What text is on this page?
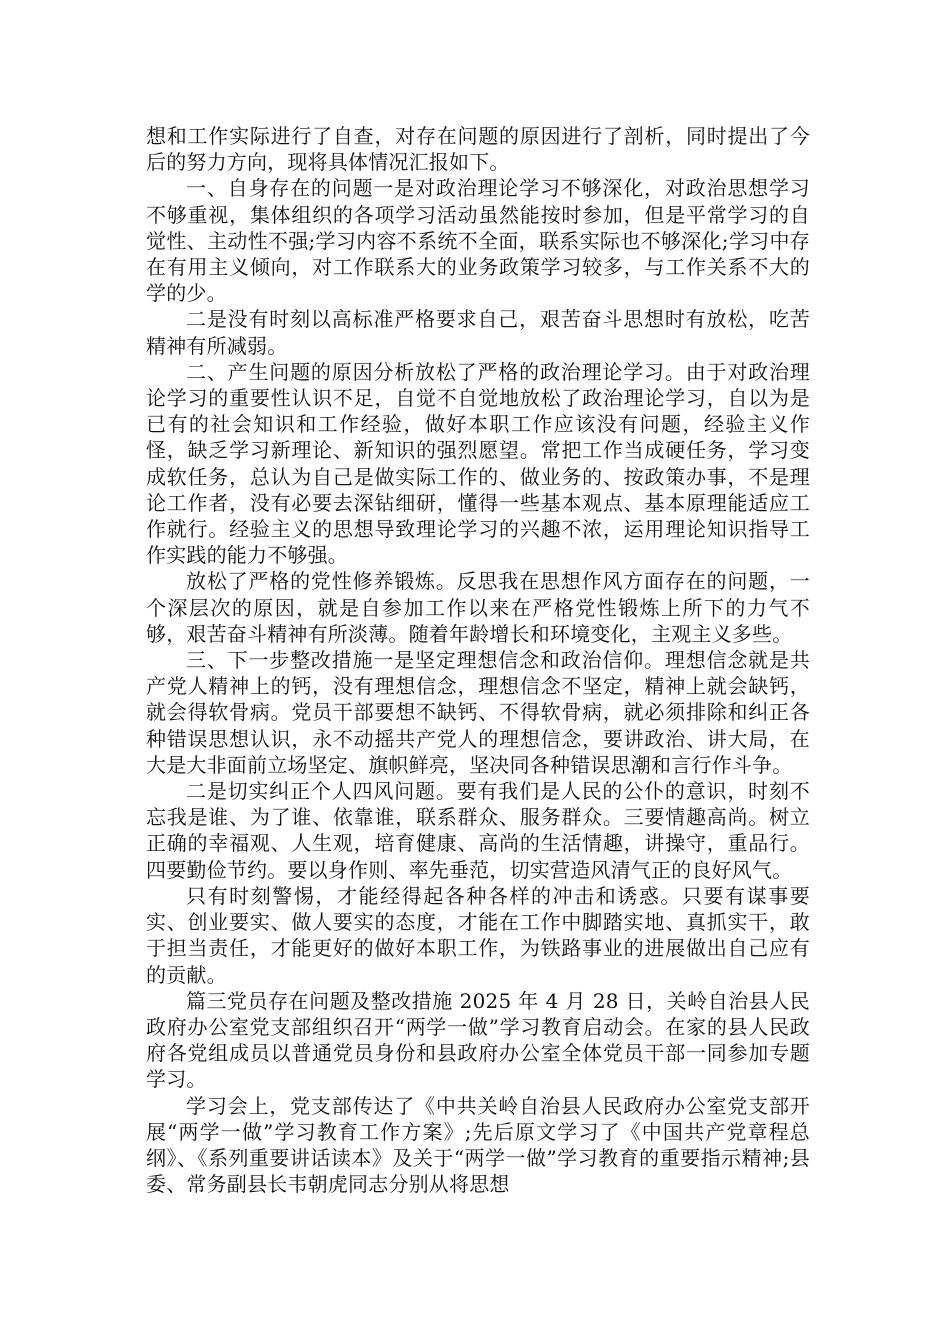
想和工作实际进行了自查，对存在问题的原因进行了剖析，同时提出了今后的努力方向，现将具体情况汇报如下。

一、自身存在的问题一是对政治理论学习不够深化，对政治思想学习不够重视，集体组织的各项学习活动虽然能按时参加，但是平常学习的自觉性、主动性不强;学习内容不系统不全面，联系实际也不够深化;学习中存在有用主义倾向，对工作联系大的业务政策学习较多，与工作关系不大的学的少。

二是没有时刻以高标准严格要求自己，艰苦奋斗思想时有放松，吃苦精神有所减弱。

二、产生问题的原因分析放松了严格的政治理论学习。由于对政治理论学习的重要性认识不足，自觉不自觉地放松了政治理论学习，自以为是已有的社会知识和工作经验，做好本职工作应该没有问题，经验主义作怪，缺乏学习新理论、新知识的强烈愿望。常把工作当成硬任务，学习变成软任务，总认为自己是做实际工作的、做业务的、按政策办事，不是理论工作者，没有必要去深钻细研，懂得一些基本观点、基本原理能适应工作就行。经验主义的思想导致理论学习的兴趣不浓，运用理论知识指导工作实践的能力不够强。

放松了严格的党性修养锻炼。反思我在思想作风方面存在的问题，一个深层次的原因，就是自参加工作以来在严格党性锻炼上所下的力气不够，艰苦奋斗精神有所淡薄。随着年龄增长和环境变化，主观主义多些。

三、下一步整改措施一是坚定理想信念和政治信仰。理想信念就是共产党人精神上的钙，没有理想信念，理想信念不坚定，精神上就会缺钙，就会得软骨病。党员干部要想不缺钙、不得软骨病，就必须排除和纠正各种错误思想认识，永不动摇共产党人的理想信念，要讲政治、讲大局，在大是大非面前立场坚定、旗帜鲜亮，坚决同各种错误思潮和言行作斗争。

二是切实纠正个人四风问题。要有我们是人民的公仆的意识，时刻不忘我是谁、为了谁、依靠谁，联系群众、服务群众。三要情趣高尚。树立正确的幸福观、人生观，培育健康、高尚的生活情趣，讲操守，重品行。四要勤俭节约。要以身作则、率先垂范，切实营造风清气正的良好风气。

只有时刻警惕，才能经得起各种各样的冲击和诱惑。只要有谋事要实、创业要实、做人要实的态度，才能在工作中脚踏实地、真抓实干，敢于担当责任，才能更好的做好本职工作，为铁路事业的进展做出自己应有的贡献。

篇三党员存在问题及整改措施 2025 年 4 月 28 日，关岭自治县人民政府办公室党支部组织召开“两学一做”学习教育启动会。在家的县人民政府各党组成员以普通党员身份和县政府办公室全体党员干部一同参加专题学习。

学习会上，党支部传达了《中共关岭自治县人民政府办公室党支部开展“两学一做”学习教育工作方案》;先后原文学习了《中国共产党章程总纲》、《系列重要讲话读本》及关于“两学一做”学习教育的重要指示精神;县委、常务副县长韦朝虎同志分别从将思想
